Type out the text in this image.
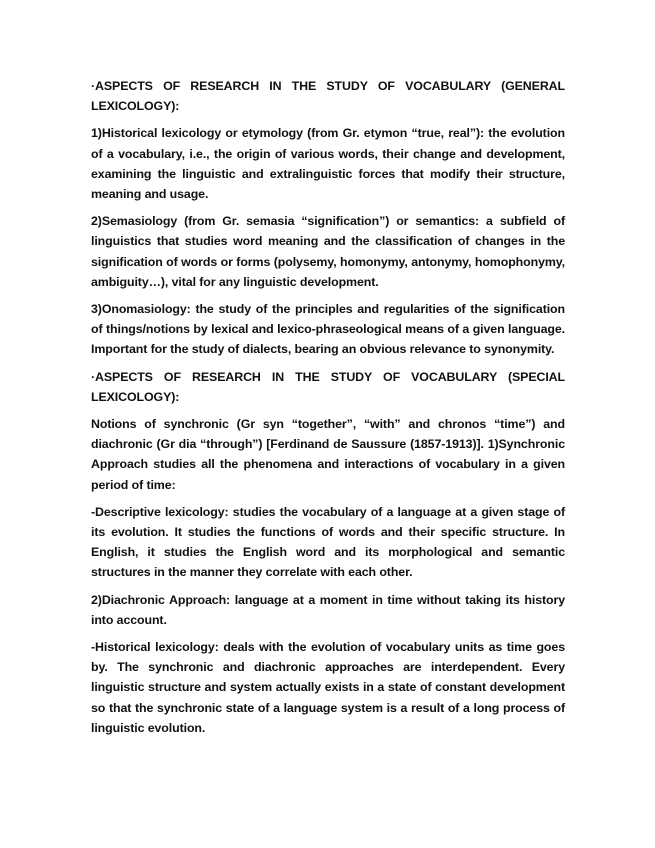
·ASPECTS OF RESEARCH IN THE STUDY OF VOCABULARY (GENERAL LEXICOLOGY):

1)Historical lexicology or etymology (from Gr. etymon “true, real”): the evolution of a vocabulary, i.e., the origin of various words, their change and development, examining the linguistic and extralinguistic forces that modify their structure, meaning and usage.

2)Semasiology (from Gr. semasia “signification”) or semantics: a subfield of linguistics that studies word meaning and the classification of changes in the signification of words or forms (polysemy, homonymy, antonymy, homophonymy, ambiguity…), vital for any linguistic development.

3)Onomasiology: the study of the principles and regularities of the signification of things/notions by lexical and lexico-phraseological means of a given language. Important for the study of dialects, bearing an obvious relevance to synonymity.

·ASPECTS OF RESEARCH IN THE STUDY OF VOCABULARY (SPECIAL LEXICOLOGY):

Notions of synchronic (Gr syn “together”, “with” and chronos “time”) and diachronic (Gr dia “through”) [Ferdinand de Saussure (1857-1913)]. 1)Synchronic Approach studies all the phenomena and interactions of vocabulary in a given period of time:

-Descriptive lexicology: studies the vocabulary of a language at a given stage of its evolution. It studies the functions of words and their specific structure. In English, it studies the English word and its morphological and semantic structures in the manner they correlate with each other.

2)Diachronic Approach: language at a moment in time without taking its history into account.

-Historical lexicology: deals with the evolution of vocabulary units as time goes by. The synchronic and diachronic approaches are interdependent. Every linguistic structure and system actually exists in a state of constant development so that the synchronic state of a language system is a result of a long process of linguistic evolution.
